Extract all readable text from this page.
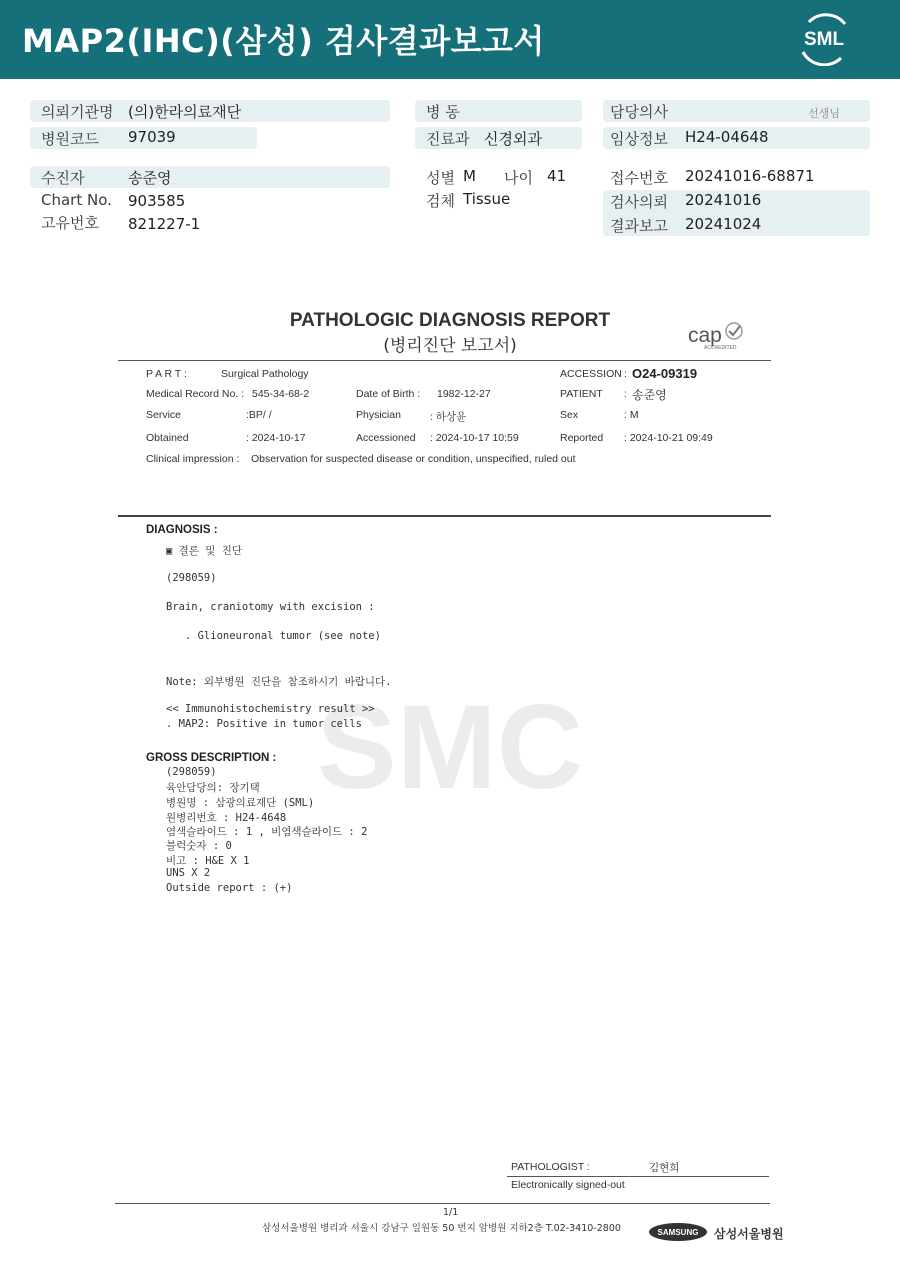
MAP2(IHC)(삼성) 검사결과보고서	SML
의뢰기관명 (의)한라의료재단
병원코드 97039
병 동
진료과 신경외과
담당의사	선생님
임상정보 H24-04648
수진자	송준영
Chart No. 903585
고유번호 821227-1
성별 M 나이 41
검체 Tissue
접수번호 20241016-68871
검사의뢰 20241016
결과보고 20241024
PATHOLOGIC DIAGNOSIS REPORT
(병리진단 보고서)	cap
ACCREDITED
P A R T :	Surgical Pathology	ACCESSION : O24-09319
Medical Record No. : 545-34-68-2	Date of Birth : 1982-12-27	PATIENT : 송준영
Service	:BP/ /	Physician	: 하상윤	Sex	: M
Obtained	: 2024-10-17	Accessioned : 2024-10-17 10:59	Reported : 2024-10-21 09:49
Clinical impression : Observation for suspected disease or condition, unspecified, ruled out
SMC
DIAGNOSIS :
▣ 결론 및 진단
(298059)
Brain, craniotomy with excision :
. Glioneuronal tumor (see note)
Note: 외부병원 진단을 참조하시기 바랍니다.
<< Immunohistochemistry result >>
. MAP2: Positive in tumor cells
GROSS DESCRIPTION :
(298059)
육안담당의: 장기택
병원명 : 삼광의료재단 (SML)
원병리번호 : H24-4648
염색슬라이드 : 1 , 비염색슬라이드 : 2
블럭숫자 : 0
비고 : H&E X 1
UNS X 2
Outside report : (+)
PATHOLOGIST :	김현희
Electronically signed-out
1/1
삼성서울병원 병리과 서울시 강남구 일원동 50 번지 암병원 지하2층 T.02-3410-2800	SAMSUNG 삼성서울병원
